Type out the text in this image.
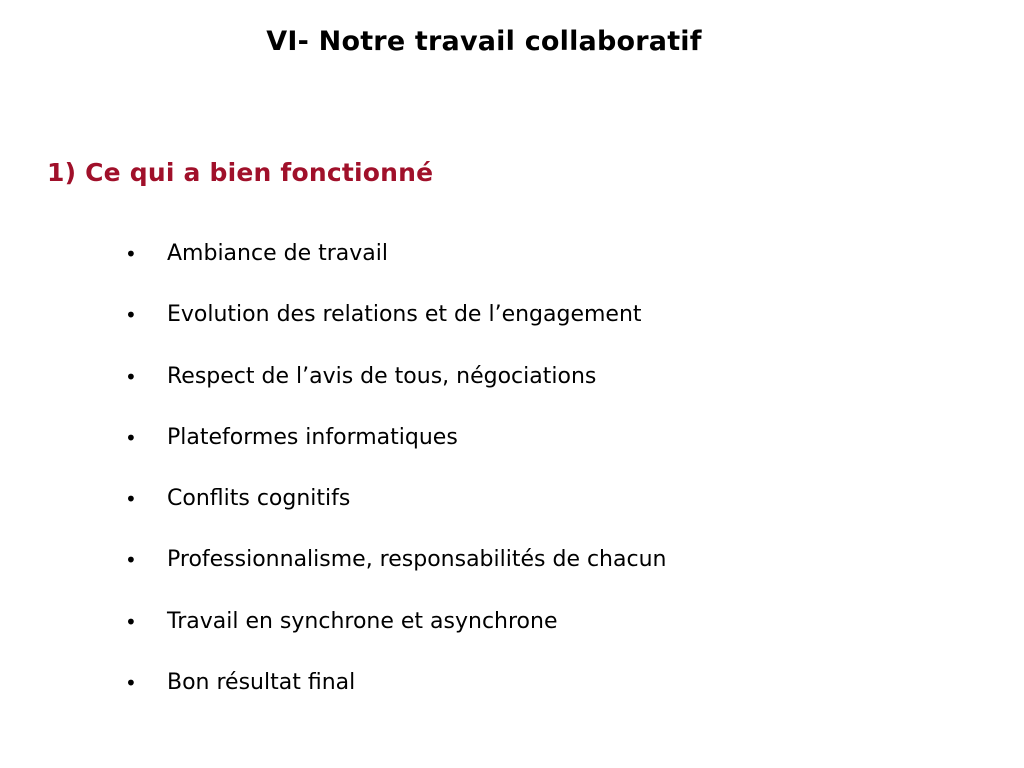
VI- Notre travail collaboratif
1) Ce qui a bien fonctionné
•	Ambiance de travail
•	Evolution des relations et de l’engagement
•	Respect de l’avis de tous, négociations
•	Plateformes informatiques
•	Conflits cognitifs
•	Professionnalisme, responsabilités de chacun
•	Travail en synchrone et asynchrone
•	Bon résultat final
